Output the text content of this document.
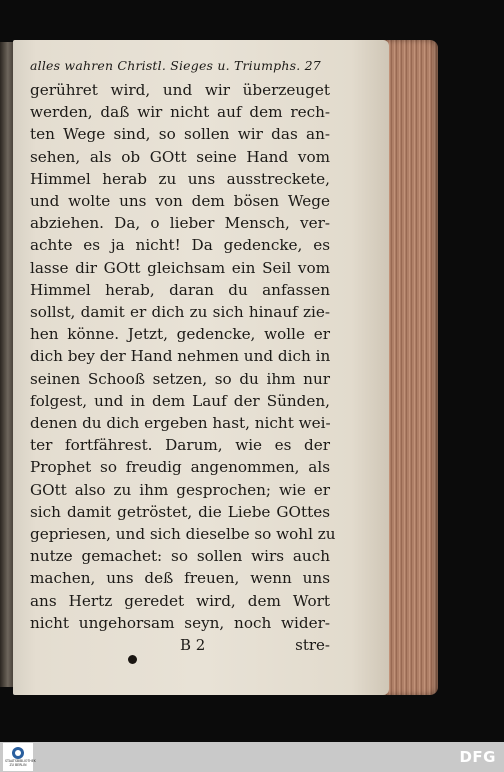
alles wahren Christl. Sieges u. Triumphs. 27
gerühret wird, und wir überzeuget
werden, daß wir nicht auf dem rech-
ten Wege sind, so sollen wir das an-
sehen, als ob GOtt seine Hand vom
Himmel herab zu uns ausstreckete,
und wolte uns von dem bösen Wege
abziehen. Da, o lieber Mensch, ver-
achte es ja nicht! Da gedencke, es
lasse dir GOtt gleichsam ein Seil vom
Himmel herab, daran du anfassen
sollst, damit er dich zu sich hinauf zie-
hen könne. Jetzt, gedencke, wolle er
dich bey der Hand nehmen und dich in
seinen Schooß setzen, so du ihm nur
folgest, und in dem Lauf der Sünden,
denen du dich ergeben hast, nicht wei-
ter fortfährest. Darum, wie es der
Prophet so freudig angenommen, als
GOtt also zu ihm gesprochen; wie er
sich damit getröstet, die Liebe GOttes
gepriesen, und sich dieselbe so wohl zu
nutze gemachet: so sollen wirs auch
machen, uns deß freuen, wenn uns
ans Hertz geredet wird, dem Wort
nicht ungehorsam seyn, noch wider-
B 2	stre-
STAATSBIBLIOTHEK ZU BERLIN	DFG
